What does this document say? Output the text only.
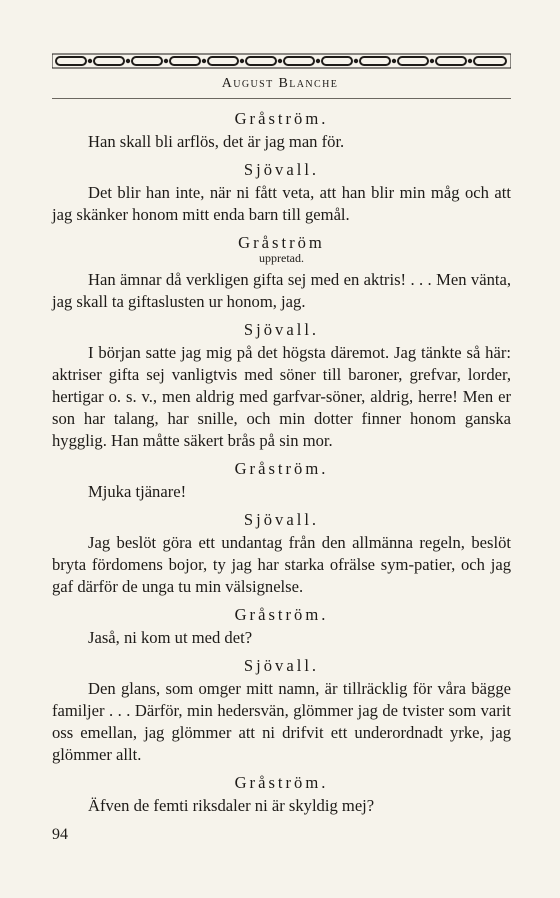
August Blanche
Gråström.

Han skall bli arflös, det är jag man för.

Sjövall.

Det blir han inte, när ni fått veta, att han blir min måg och att jag skänker honom mitt enda barn till gemål.

Gråström
uppretad.

Han ämnar då verkligen gifta sej med en aktris! . . . Men vänta, jag skall ta giftaslusten ur honom, jag.

Sjövall.

I början satte jag mig på det högsta däremot. Jag tänkte så här: aktriser gifta sej vanligtvis med söner till baroner, grefvar, lorder, hertigar o. s. v., men aldrig med garfvar-söner, aldrig, herre! Men er son har talang, har snille, och min dotter finner honom ganska hygglig. Han måtte säkert brås på sin mor.

Gråström.

Mjuka tjänare!

Sjövall.

Jag beslöt göra ett undantag från den allmänna regeln, beslöt bryta fördomens bojor, ty jag har starka ofrälse sym-patier, och jag gaf därför de unga tu min välsignelse.

Gråström.

Jaså, ni kom ut med det?

Sjövall.

Den glans, som omger mitt namn, är tillräcklig för våra bägge familjer . . . Därför, min hedersvän, glömmer jag de tvister som varit oss emellan, jag glömmer att ni drifvit ett underordnadt yrke, jag glömmer allt.

Gråström.

Äfven de femti riksdaler ni är skyldig mej?

94
